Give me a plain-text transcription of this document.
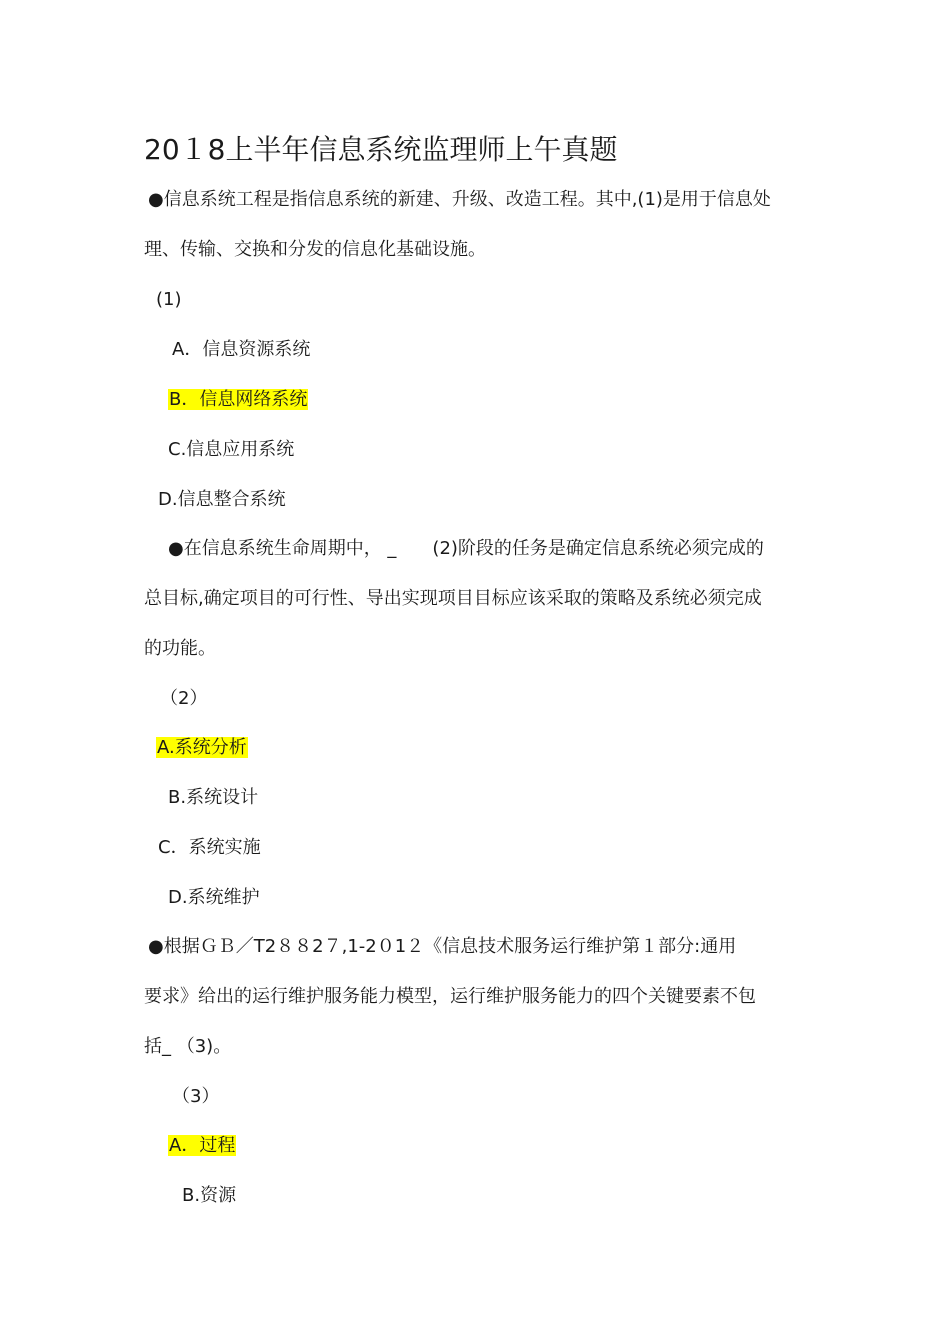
20１8上半年信息系统监理师上午真题
●信息系统工程是指信息系统的新建、升级、改造工程。其中,(1)是用于信息处
理、传输、交换和分发的信息化基础设施。
(1)
A．信息资源系统
B．信息网络系统
C.信息应用系统
D.信息整合系统
●在信息系统生命周期中， _　　(2)阶段的任务是确定信息系统必须完成的
总目标,确定项目的可行性、导出实现项目目标应该采取的策略及系统必须完成
的功能。
（2）
A.系统分析
B.系统设计
C．系统实施
D.系统维护
●根据ＧＢ／T2８８2７,1-2０1２《信息技术服务运行维护第１部分:通用
要求》给出的运行维护服务能力模型，运行维护服务能力的四个关键要素不包
括_ （3)。
（3）
A．过程
B.资源
